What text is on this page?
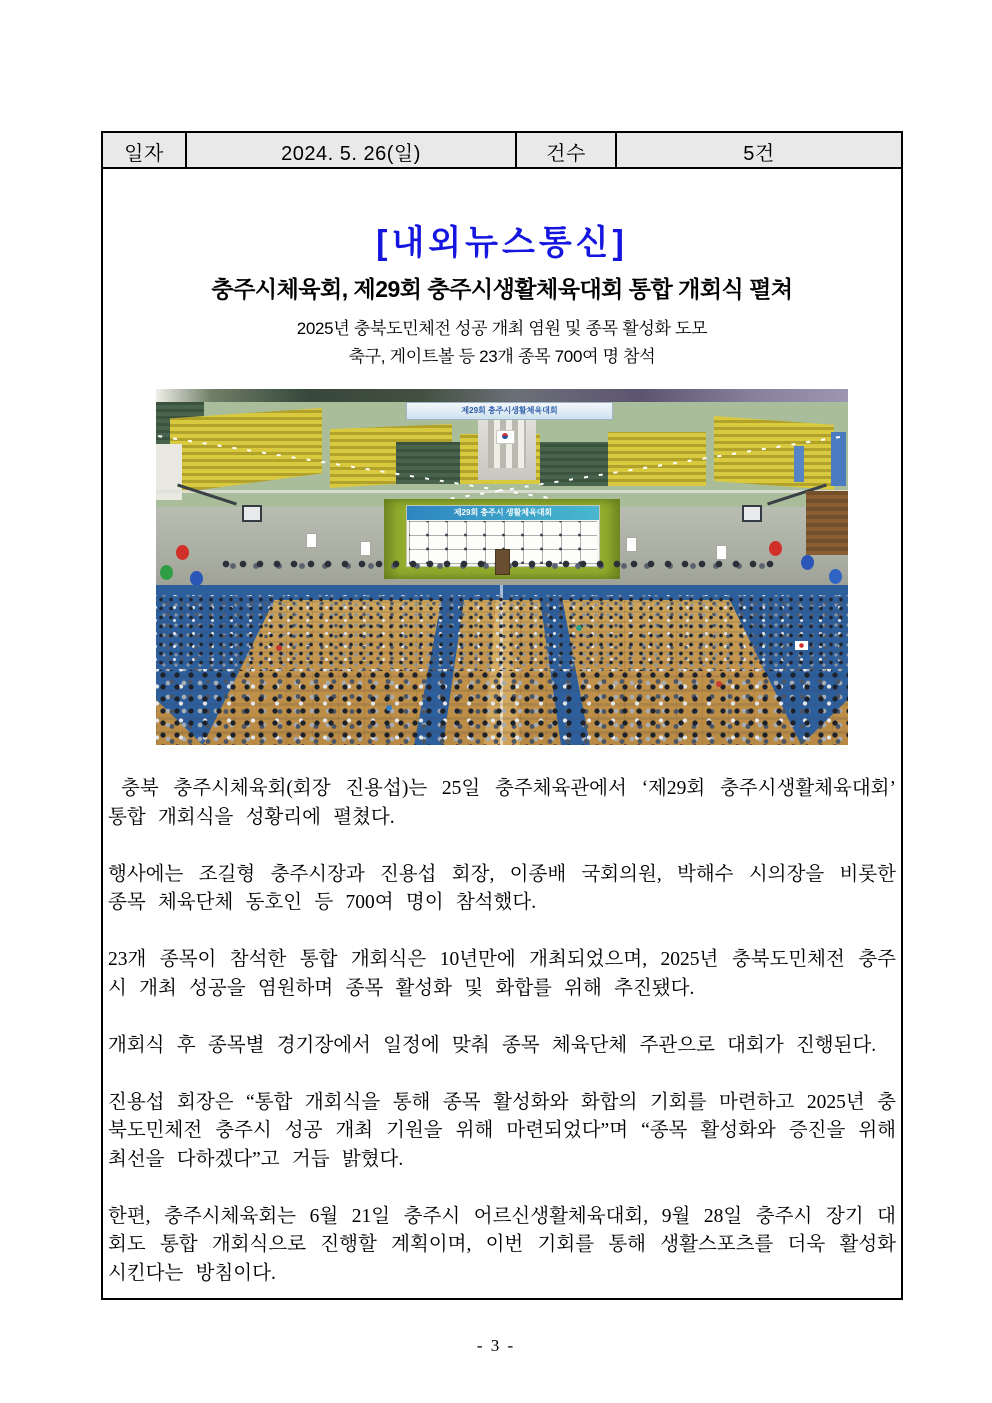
일자	2024. 5. 26(일)	건수	5건
[내외뉴스통신]
충주시체육회, 제29회 충주시생활체육대회 통합 개회식 펼쳐
2025년 충북도민체전 성공 개최 염원 및 종목 활성화 도모
축구, 게이트볼 등 23개 종목 700여 명 참석
제29회 충주시생활체육대회
제29회 충주시 생활체육대회

충북 충주시체육회(회장 진용섭)는 25일 충주체육관에서 ‘제29회 충주시생활체육대회’ 통합 개회식을 성황리에 펼쳤다.

행사에는 조길형 충주시장과 진용섭 회장, 이종배 국회의원, 박해수 시의장을 비롯한 종목 체육단체 동호인 등 700여 명이 참석했다.

23개 종목이 참석한 통합 개회식은 10년만에 개최되었으며, 2025년 충북도민체전 충주시 개최 성공을 염원하며 종목 활성화 및 화합를 위해 추진됐다.

개회식 후 종목별 경기장에서 일정에 맞춰 종목 체육단체 주관으로 대회가 진행된다.

진용섭 회장은 “통합 개회식을 통해 종목 활성화와 화합의 기회를 마련하고 2025년 충북도민체전 충주시 성공 개최 기원을 위해 마련되었다”며 “종목 활성화와 증진을 위해 최선을 다하겠다”고 거듭 밝혔다.

한편, 충주시체육회는 6월 21일 충주시 어르신생활체육대회, 9월 28일 충주시 장기 대회도 통합 개회식으로 진행할 계획이며, 이번 기회를 통해 생활스포츠를 더욱 활성화 시킨다는 방침이다.

- 3 -
